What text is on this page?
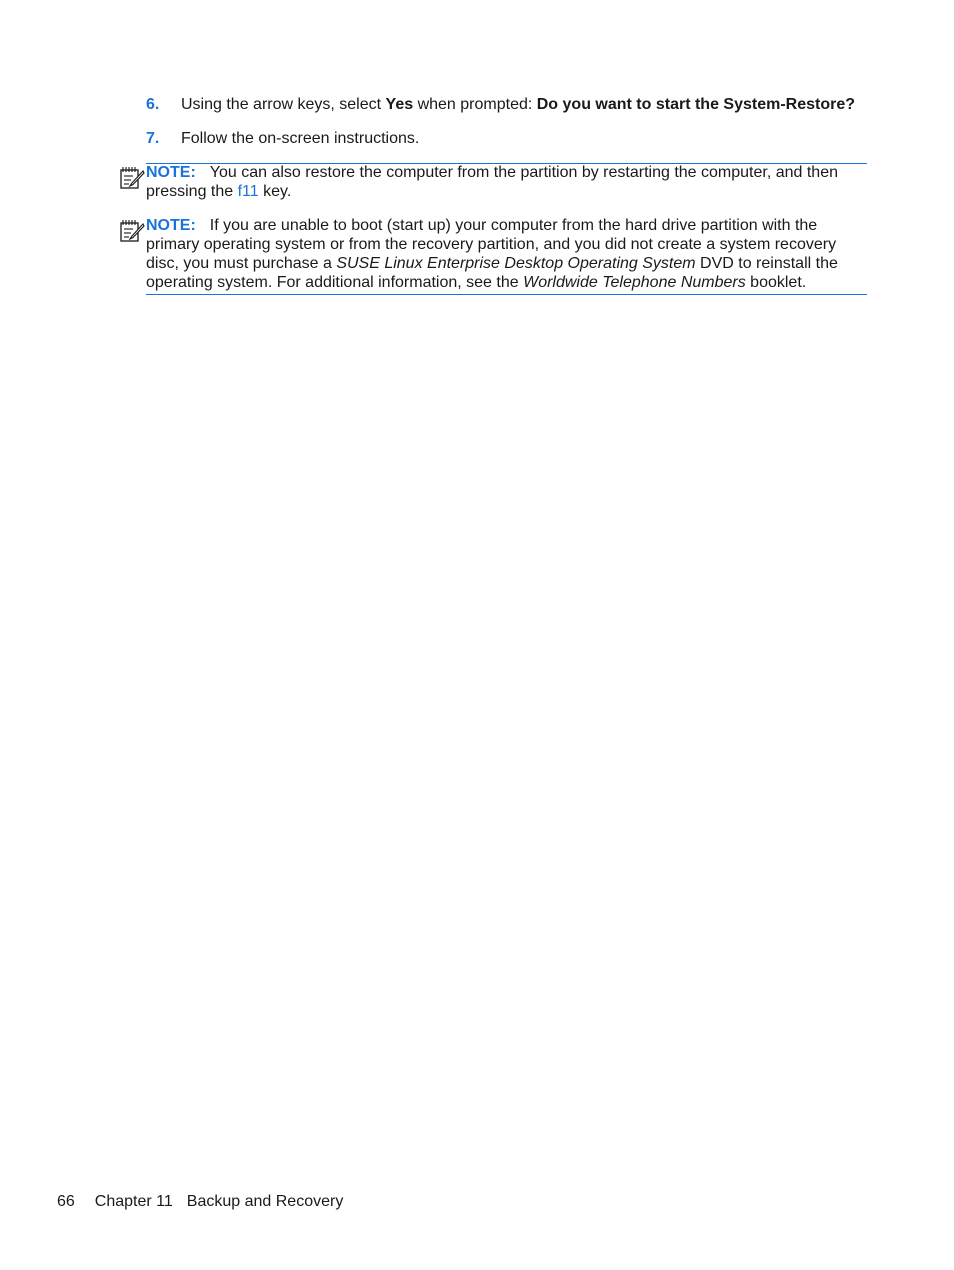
6. Using the arrow keys, select Yes when prompted: Do you want to start the System-Restore?
7. Follow the on-screen instructions.
NOTE: You can also restore the computer from the partition by restarting the computer, and then pressing the f11 key.
NOTE: If you are unable to boot (start up) your computer from the hard drive partition with the primary operating system or from the recovery partition, and you did not create a system recovery disc, you must purchase a SUSE Linux Enterprise Desktop Operating System DVD to reinstall the operating system. For additional information, see the Worldwide Telephone Numbers booklet.
66 Chapter 11 Backup and Recovery
